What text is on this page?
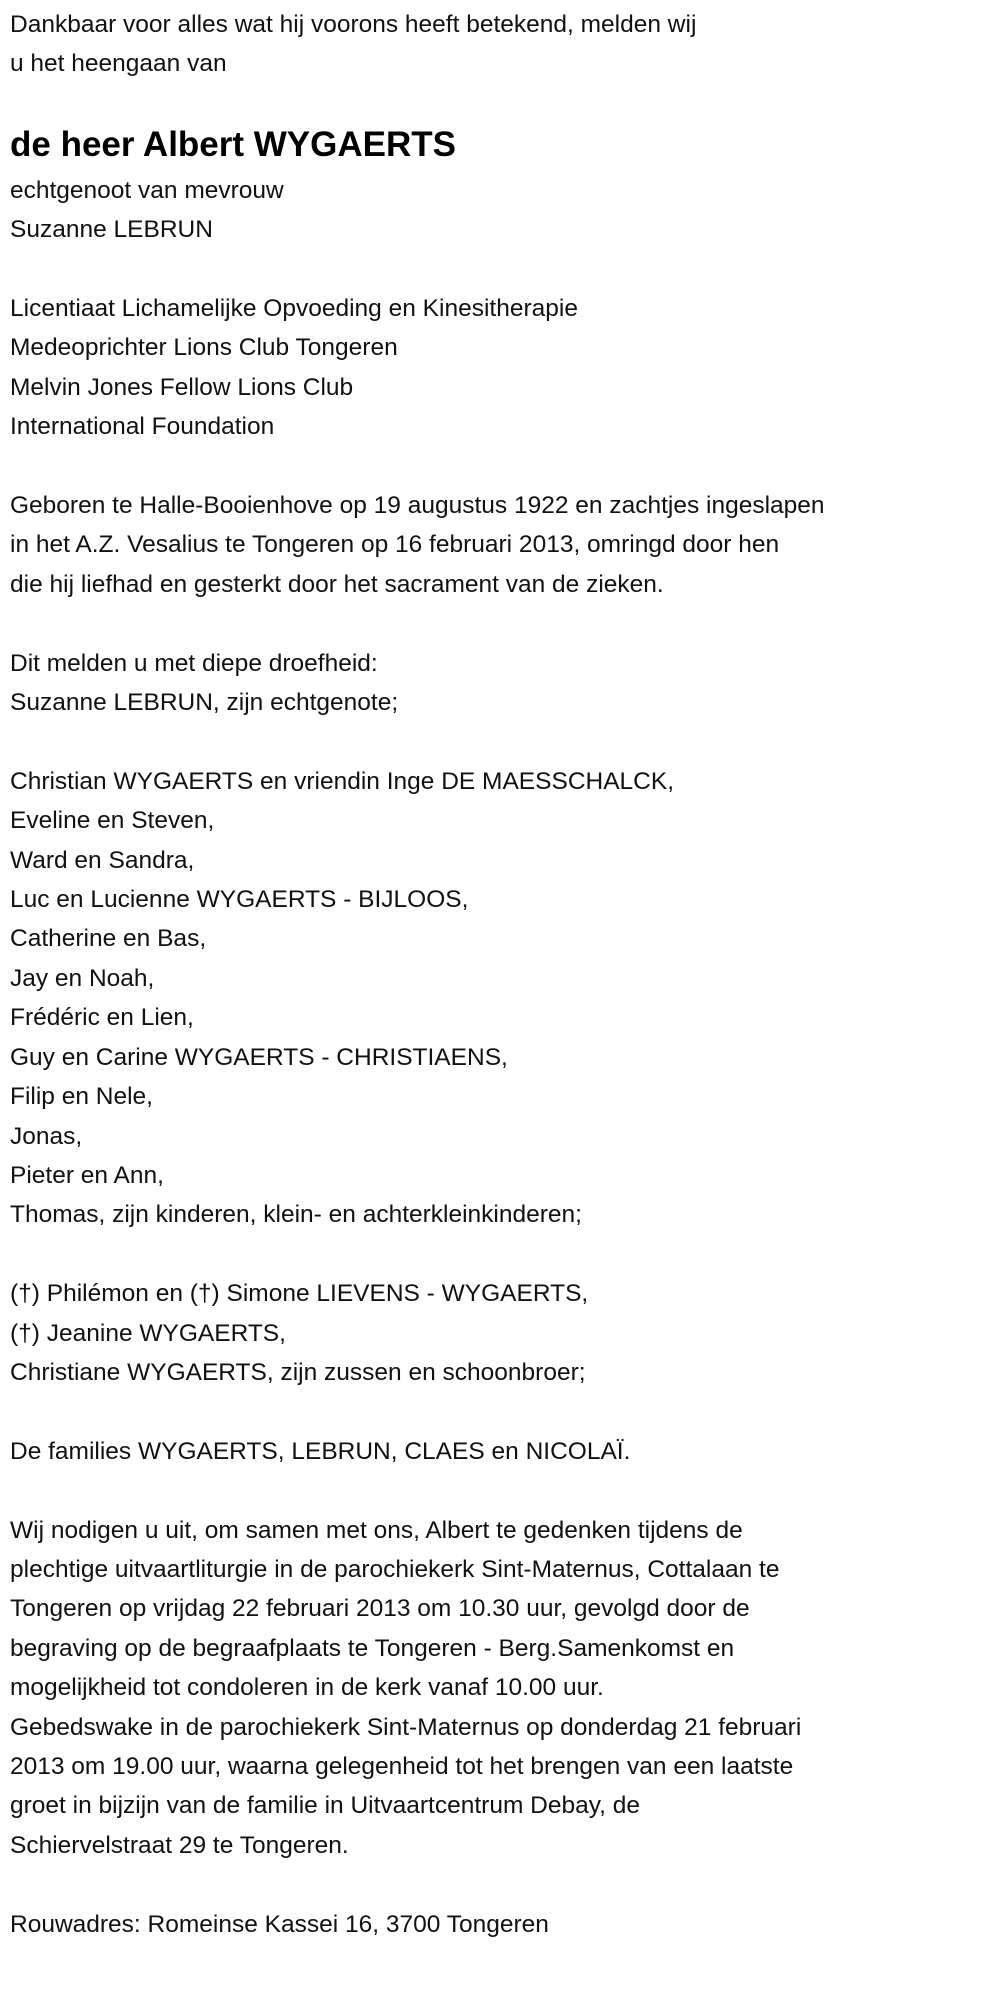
Dankbaar voor alles wat hij voorons heeft betekend, melden wij
u het heengaan van
de heer Albert WYGAERTS
echtgenoot van mevrouw
Suzanne LEBRUN
Licentiaat Lichamelijke Opvoeding en Kinesitherapie
Medeoprichter Lions Club Tongeren
Melvin Jones Fellow Lions Club
International Foundation
Geboren te Halle-Booienhove op 19 augustus 1922 en zachtjes ingeslapen
in het A.Z. Vesalius te Tongeren op 16 februari 2013, omringd door hen
die hij liefhad en gesterkt door het sacrament van de zieken.
Dit melden u met diepe droefheid:
Suzanne LEBRUN, zijn echtgenote;
Christian WYGAERTS en vriendin Inge DE MAESSCHALCK,
Eveline en Steven,
Ward en Sandra,
Luc en Lucienne WYGAERTS - BIJLOOS,
Catherine en Bas,
Jay en Noah,
Frédéric en Lien,
Guy en Carine WYGAERTS - CHRISTIAENS,
Filip en Nele,
Jonas,
Pieter en Ann,
Thomas, zijn kinderen, klein- en achterkleinkinderen;
(†) Philémon en (†) Simone LIEVENS - WYGAERTS,
(†) Jeanine WYGAERTS,
Christiane WYGAERTS, zijn zussen en schoonbroer;
De families WYGAERTS, LEBRUN, CLAES en NICOLAÏ.
Wij nodigen u uit, om samen met ons, Albert te gedenken tijdens de
plechtige uitvaartliturgie in de parochiekerk Sint-Maternus, Cottalaan te
Tongeren op vrijdag 22 februari 2013 om 10.30 uur, gevolgd door de
begraving op de begraafplaats te Tongeren - Berg.Samenkomst en
mogelijkheid tot condoleren in de kerk vanaf 10.00 uur.
Gebedswake in de parochiekerk Sint-Maternus op donderdag 21 februari
2013 om 19.00 uur, waarna gelegenheid tot het brengen van een laatste
groet in bijzijn van de familie in Uitvaartcentrum Debay, de
Schiervelstraat 29 te Tongeren.
Rouwadres: Romeinse Kassei 16, 3700 Tongeren
